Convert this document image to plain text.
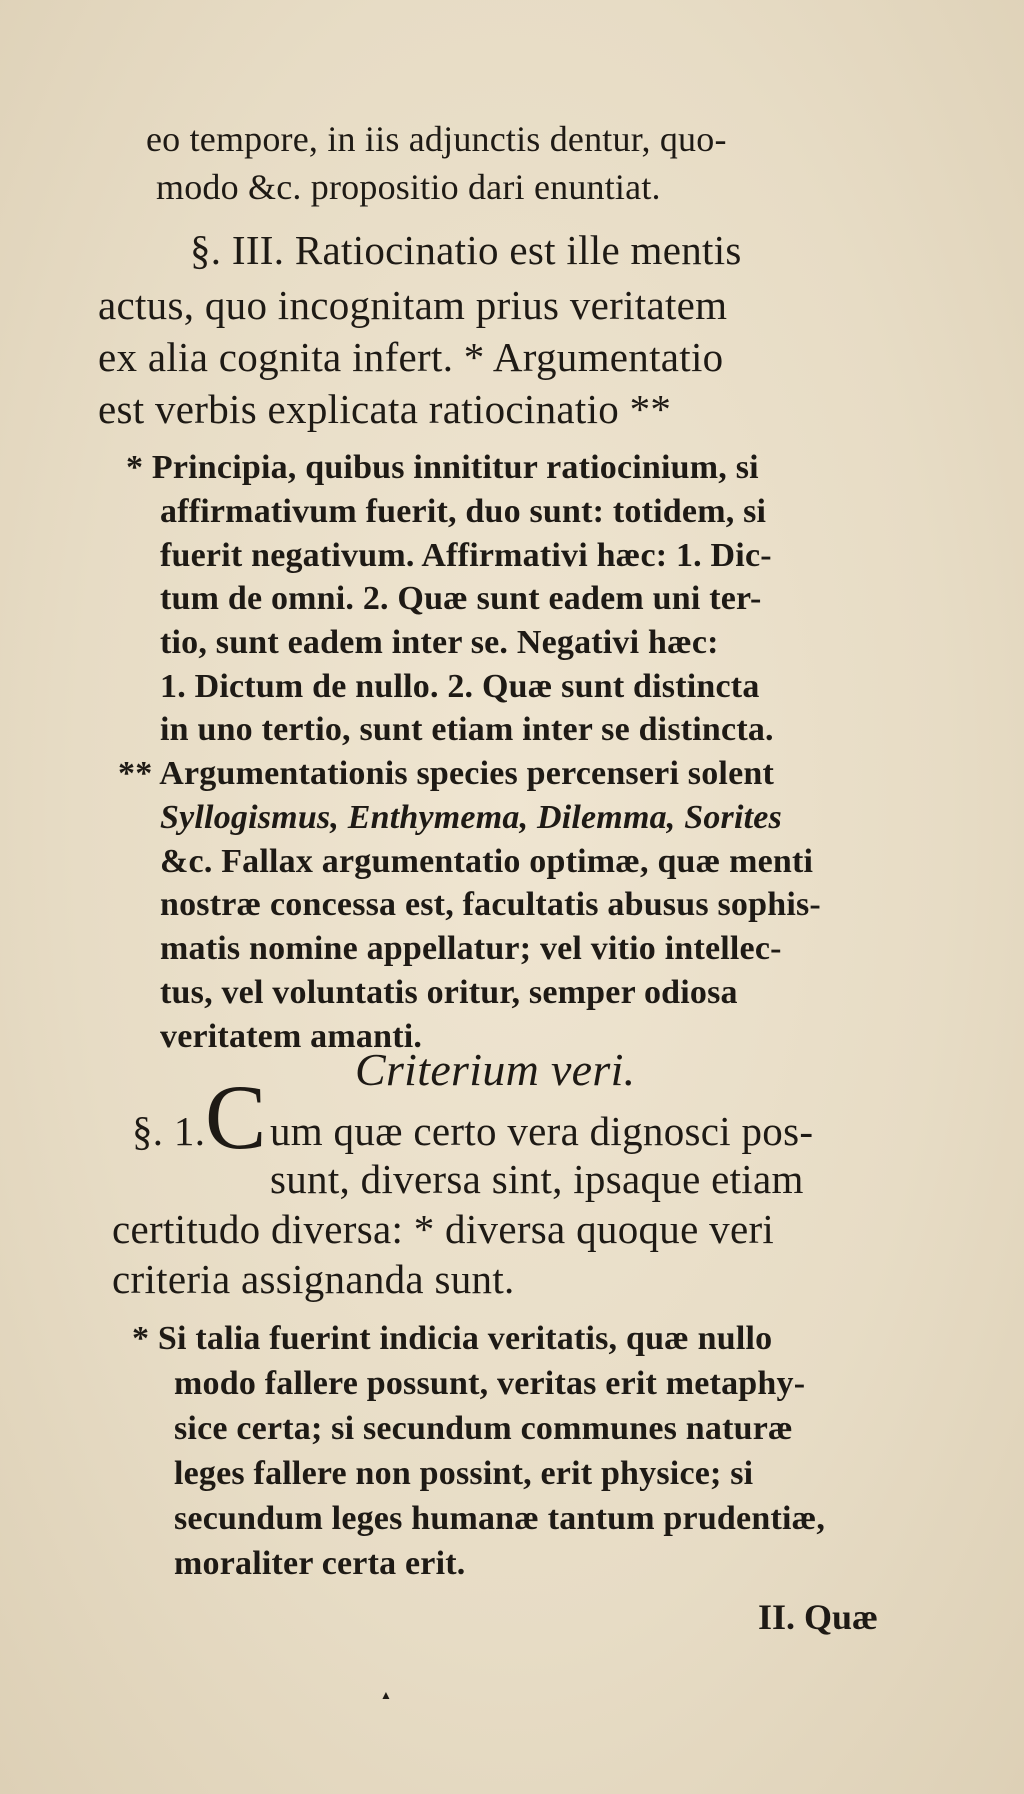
eo tempore, in iis adjunctis dentur, quo-
modo &c. propositio dari enuntiat.
§. III. Ratiocinatio est ille mentis
actus, quo incognitam prius veritatem
ex alia cognita infert. * Argumentatio
est verbis explicata ratiocinatio **
* Principia, quibus innititur ratiocinium, si
affirmativum fuerit, duo sunt: totidem, si
fuerit negativum. Affirmativi hæc: 1. Dic-
tum de omni. 2. Quæ sunt eadem uni ter-
tio, sunt eadem inter se. Negativi hæc:
1. Dictum de nullo. 2. Quæ sunt distincta
in uno tertio, sunt etiam inter se distincta.
** Argumentationis species percenseri solent
Syllogismus, Enthymema, Dilemma, Sorites
&c. Fallax argumentatio optimæ, quæ menti
nostræ concessa est, facultatis abusus sophis-
matis nomine appellatur; vel vitio intellec-
tus, vel voluntatis oritur, semper odiosa
veritatem amanti.
Criterium veri.
§. 1. C um quæ certo vera dignosci pos-
sunt, diversa sint, ipsaque etiam
certitudo diversa: * diversa quoque veri
criteria assignanda sunt.
* Si talia fuerint indicia veritatis, quæ nullo
modo fallere possunt, veritas erit metaphy-
sice certa; si secundum communes naturæ
leges fallere non possint, erit physice; si
secundum leges humanæ tantum prudentiæ,
moraliter certa erit.
II. Quæ
▲
